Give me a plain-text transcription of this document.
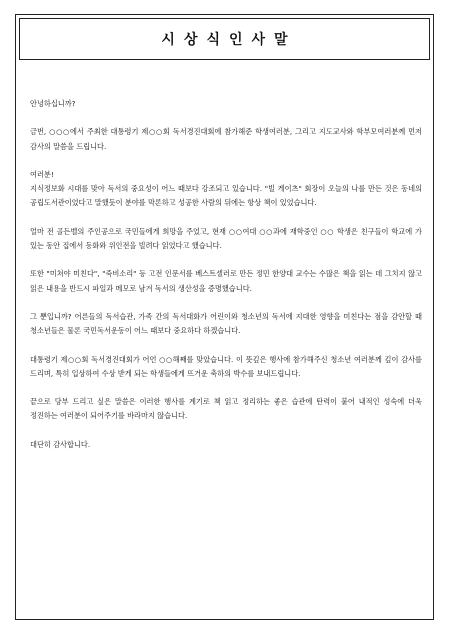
시상식인사말

안녕하십니까?

금번, ○○○에서 주최한 대통령기 제○○회 독서경진대회에 참가해준 학생여러분, 그리고 지도교사와 학부모여러분께 먼저 감사의 말씀을 드립니다.

여러분!
지식정보화 시대를 맞아 독서의 중요성이 어느 때보다 강조되고 있습니다. "빌 게이츠" 회장이 오늘의 나를 만든 것은 동네의 공립도서관이었다고 말했듯이 분야를 막론하고 성공한 사람의 뒤에는 항상 책이 있었습니다.

얼마 전 골든벨의 주인공으로 국민들에게 희망을 주었고, 현재 ○○여대 ○○과에 재학중인 ○○ 학생은 친구들이 학교에 가 있는 동안 집에서 동화와 위인전을 빌려다 읽었다고 했습니다.

또한 "미쳐야 미친다", "죽비소리" 등 고전 인문서를 베스트셀러로 만든 정민 한양대 교수는 수많은 책을 읽는 데 그치지 않고 읽은 내용을 반드시 파일과 메모로 남겨 독서의 생산성을 증명했습니다.

그 뿐입니까? 어른들의 독서습관, 가족 간의 독서대화가 어린이와 청소년의 독서에 지대한 영향을 미친다는 점을 감안할 때 청소년들은 물론 국민독서운동이 어느 때보다 중요하다 하겠습니다.

대통령기 제○○회 독서경진대회가 어언 ○○해째를 맞았습니다. 이 뜻깊은 행사에 참가해주신 청소년 여러분께 깊이 감사를 드리며, 특히 입상하여 수상 받게 되는 학생들에게 뜨거운 축하의 박수를 보내드립니다.

끝으로 당부 드리고 싶은 말씀은 이러한 행사를 계기로 책 읽고 정리하는 좋은 습관에 탄력이 붙어 내적인 성숙에 더욱 정진하는 여러분이 되어주기를 바라마지 않습니다.

대단히 감사합니다.
